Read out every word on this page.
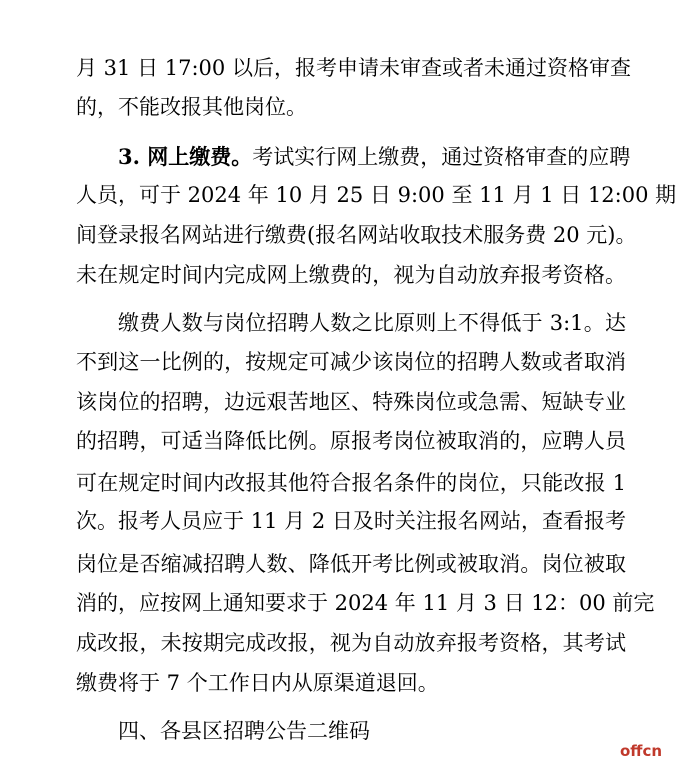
月 31 日 17:00 以后，报考申请未审查或者未通过资格审查
的，不能改报其他岗位。
3. 网上缴费。考试实行网上缴费，通过资格审查的应聘
人员，可于 2024 年 10 月 25 日 9:00 至 11 月 1 日 12:00 期
间登录报名网站进行缴费(报名网站收取技术服务费 20 元)。
未在规定时间内完成网上缴费的，视为自动放弃报考资格。
缴费人数与岗位招聘人数之比原则上不得低于 3:1。达
不到这一比例的，按规定可减少该岗位的招聘人数或者取消
该岗位的招聘，边远艰苦地区、特殊岗位或急需、短缺专业
的招聘，可适当降低比例。原报考岗位被取消的，应聘人员
可在规定时间内改报其他符合报名条件的岗位，只能改报 1
次。报考人员应于 11 月 2 日及时关注报名网站，查看报考
岗位是否缩减招聘人数、降低开考比例或被取消。岗位被取
消的，应按网上通知要求于 2024 年 11 月 3 日 12：00 前完
成改报，未按期完成改报，视为自动放弃报考资格，其考试
缴费将于 7 个工作日内从原渠道退回。
四、各县区招聘公告二维码
offcn
